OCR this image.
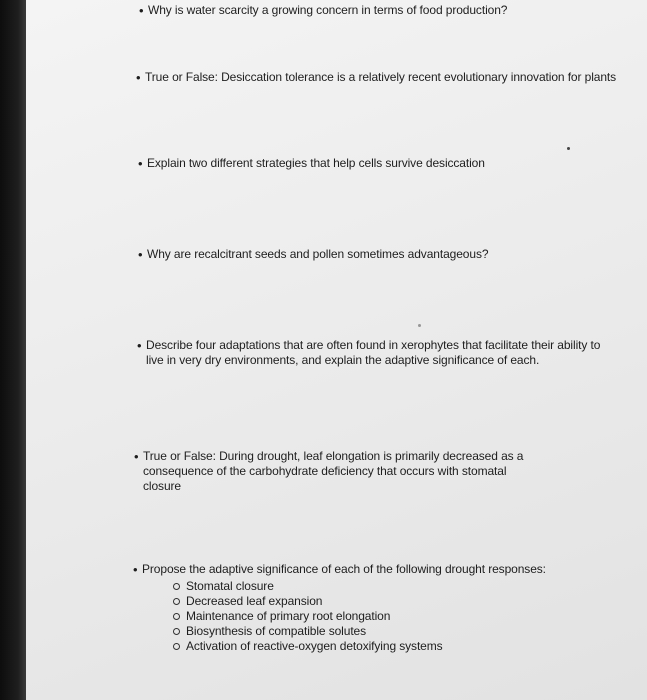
• Why is water scarcity a growing concern in terms of food production?
• True or False: Desiccation tolerance is a relatively recent evolutionary innovation for plants
• Explain two different strategies that help cells survive desiccation
• Why are recalcitrant seeds and pollen sometimes advantageous?
• Describe four adaptations that are often found in xerophytes that facilitate their ability to live in very dry environments, and explain the adaptive significance of each.
• True or False: During drought, leaf elongation is primarily decreased as a consequence of the carbohydrate deficiency that occurs with stomatal closure
• Propose the adaptive significance of each of the following drought responses:
Stomatal closure
Decreased leaf expansion
Maintenance of primary root elongation
Biosynthesis of compatible solutes
Activation of reactive-oxygen detoxifying systems
